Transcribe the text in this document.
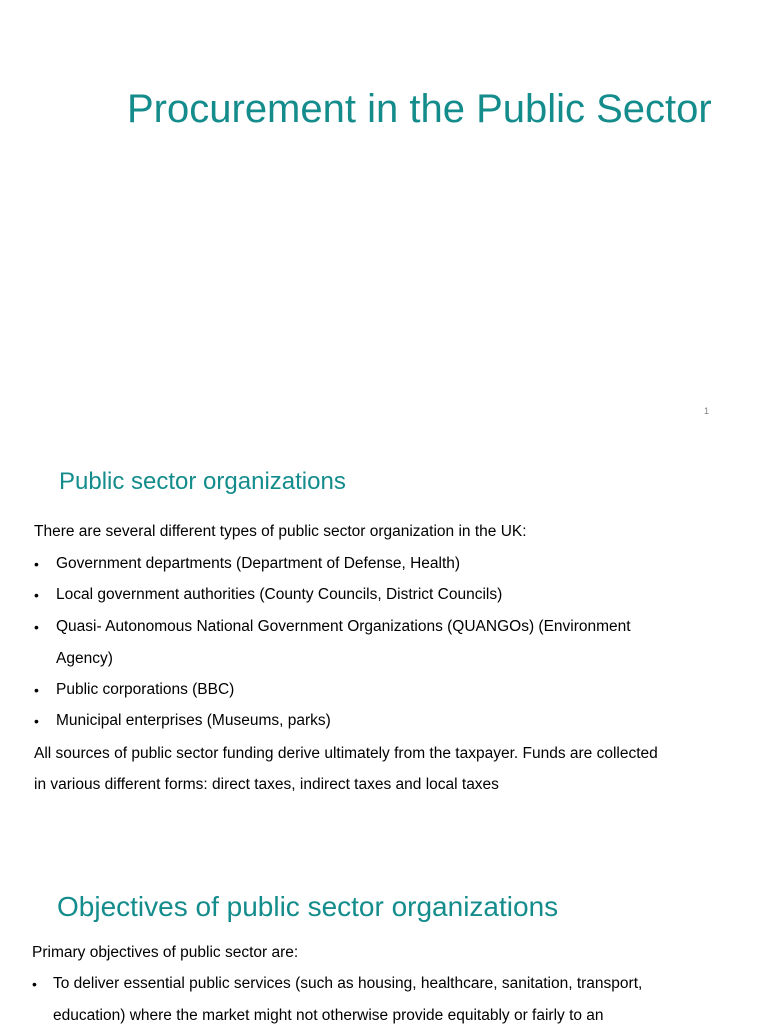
Procurement in the Public Sector
1
Public sector organizations
There are several different types of public sector organization in the UK:
•	Government departments (Department of Defense, Health)
•	Local government authorities (County Councils, District Councils)
•	Quasi- Autonomous National Government Organizations (QUANGOs) (Environment
Agency)
•	Public corporations (BBC)
•	Municipal enterprises (Museums, parks)
All sources of public sector funding derive ultimately from the taxpayer. Funds are collected
in various different forms: direct taxes, indirect taxes and local taxes
Objectives of public sector organizations
Primary objectives of public sector are:
•	To deliver essential public services (such as housing, healthcare, sanitation, transport,
education) where the market might not otherwise provide equitably or fairly to an
